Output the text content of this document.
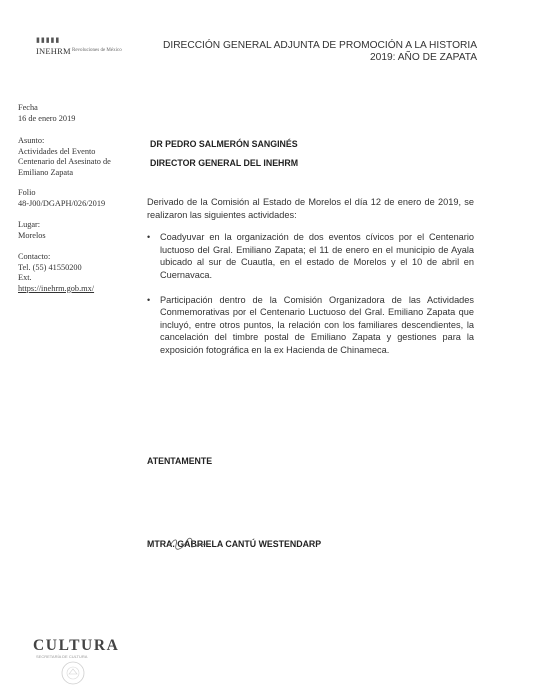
▮▮▮▮▮
INEHRM Revoluciones de México	DIRECCIÓN GENERAL ADJUNTA DE PROMOCIÓN A LA HISTORIA
2019: AÑO DE ZAPATA
Fecha
16 de enero 2019
Asunto:
Actividades del Evento
Centenario del Asesinato de
Emiliano Zapata
Folio
48-J00/DGAPH/026/2019
Lugar:
Morelos
Contacto:
Tel. (55) 41550200
Ext.
https://inehrm.gob.mx/
DR PEDRO SALMERÓN SANGINÉS
DIRECTOR GENERAL DEL INEHRM

Derivado de la Comisión al Estado de Morelos el día 12 de enero de 2019, se realizaron las siguientes actividades:

• Coadyuvar en la organización de dos eventos cívicos por el Centenario luctuoso del Gral. Emiliano Zapata; el 11 de enero en el municipio de Ayala ubicado al sur de Cuautla, en el estado de Morelos y el 10 de abril en Cuernavaca.
• Participación dentro de la Comisión Organizadora de las Actividades Conmemorativas por el Centenario Luctuoso del Gral. Emiliano Zapata que incluyó, entre otros puntos, la relación con los familiares descendientes, la cancelación del timbre postal de Emiliano Zapata y gestiones para la exposición fotográfica en la ex Hacienda de Chinameca.
ATENTAMENTE
MTRA. GABRIELA CANTÚ WESTENDARP
CULTURA
SECRETARÍA DE CULTURA
